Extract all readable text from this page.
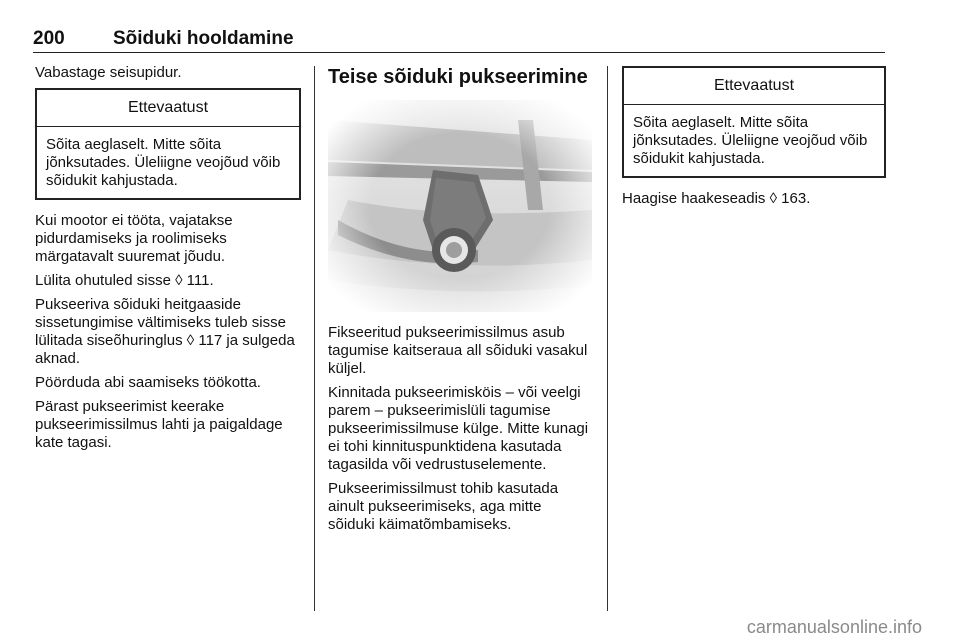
200	Sõiduki hooldamine

Vabastage seisupidur.

Ettevaatust
Sõita aeglaselt. Mitte sõita jõnksutades. Üleliigne veojõud võib sõidukit kahjustada.

Kui mootor ei tööta, vajatakse pidurdamiseks ja roolimiseks märgatavalt suuremat jõudu.

Lülita ohutuled sisse ◊ 111.

Pukseeriva sõiduki heitgaaside sissetungimise vältimiseks tuleb sisse lülitada siseõhuringlus ◊ 117 ja sulgeda aknad.

Pöörduda abi saamiseks töökotta.

Pärast pukseerimist keerake pukseerimissilmus lahti ja paigaldage kate tagasi.

Teise sõiduki pukseerimine

Fikseeritud pukseerimissilmus asub tagumise kaitseraua all sõiduki vasakul küljel.

Kinnitada pukseerimisköis – või veelgi parem – pukseerimislüli tagumise pukseerimissilmuse külge. Mitte kunagi ei tohi kinnituspunktidena kasutada tagasilda või vedrustuselemente.

Pukseerimissilmust tohib kasutada ainult pukseerimiseks, aga mitte sõiduki käimatõmbamiseks.

Ettevaatust
Sõita aeglaselt. Mitte sõita jõnksutades. Üleliigne veojõud võib sõidukit kahjustada.

Haagise haakeseadis ◊ 163.

carmanualsonline.info
